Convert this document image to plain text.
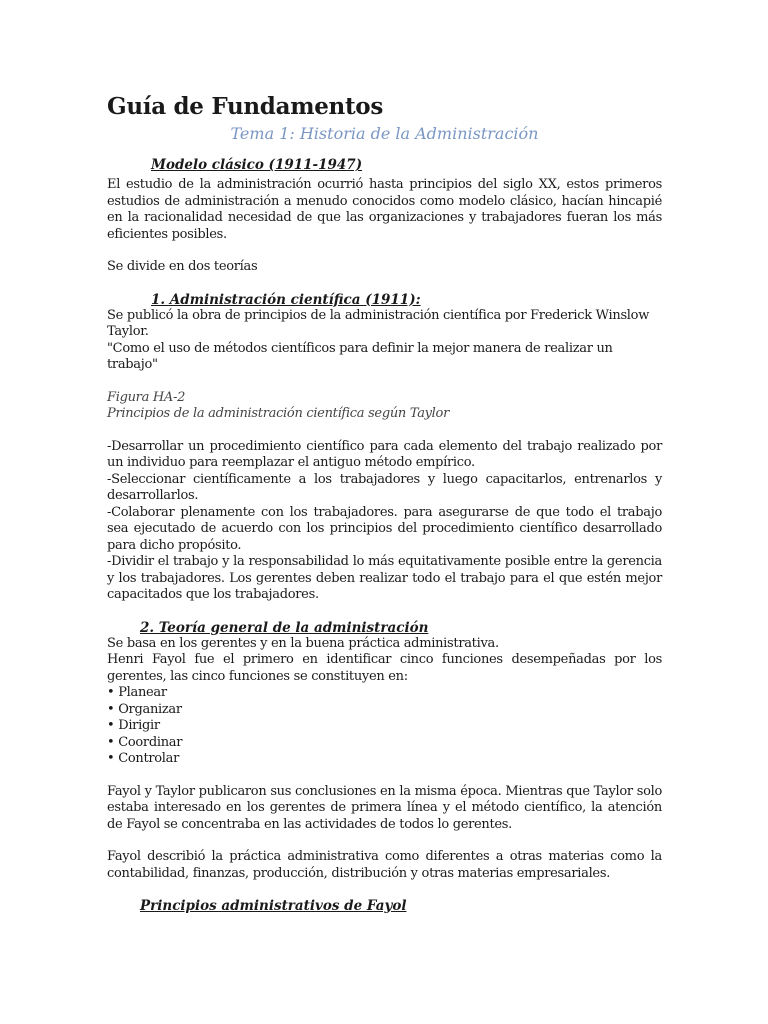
Guía de Fundamentos
Tema 1: Historia de la Administración
Modelo clásico (1911-1947)

El estudio de la administración ocurrió hasta principios del siglo XX, estos primeros estudios de administración a menudo conocidos como modelo clásico, hacían hincapié en la racionalidad necesidad de que las organizaciones y trabajadores fueran los más eficientes posibles.

Se divide en dos teorías

1. Administración científica (1911):

Se publicó la obra de principios de la administración científica por Frederick Winslow Taylor.

"Como el uso de métodos científicos para definir la mejor manera de realizar un trabajo"

Figura HA-2

Principios de la administración científica según Taylor

-Desarrollar un procedimiento científico para cada elemento del trabajo realizado por un individuo para reemplazar el antiguo método empírico.

-Seleccionar científicamente a los trabajadores y luego capacitarlos, entrenarlos y desarrollarlos.

-Colaborar plenamente con los trabajadores. para asegurarse de que todo el trabajo sea ejecutado de acuerdo con los principios del procedimiento científico desarrollado para dicho propósito.

-Dividir el trabajo y la responsabilidad lo más equitativamente posible entre la gerencia y los trabajadores. Los gerentes deben realizar todo el trabajo para el que estén mejor capacitados que los trabajadores.

2. Teoría general de la administración

Se basa en los gerentes y en la buena práctica administrativa.

Henri Fayol fue el primero en identificar cinco funciones desempeñadas por los gerentes, las cinco funciones se constituyen en:

• Planear
• Organizar
• Dirigir
• Coordinar
• Controlar

Fayol y Taylor publicaron sus conclusiones en la misma época. Mientras que Taylor solo estaba interesado en los gerentes de primera línea y el método científico, la atención de Fayol se concentraba en las actividades de todos lo gerentes.

Fayol describió la práctica administrativa como diferentes a otras materias como la contabilidad, finanzas, producción, distribución y otras materias empresariales.

Principios administrativos de Fayol
